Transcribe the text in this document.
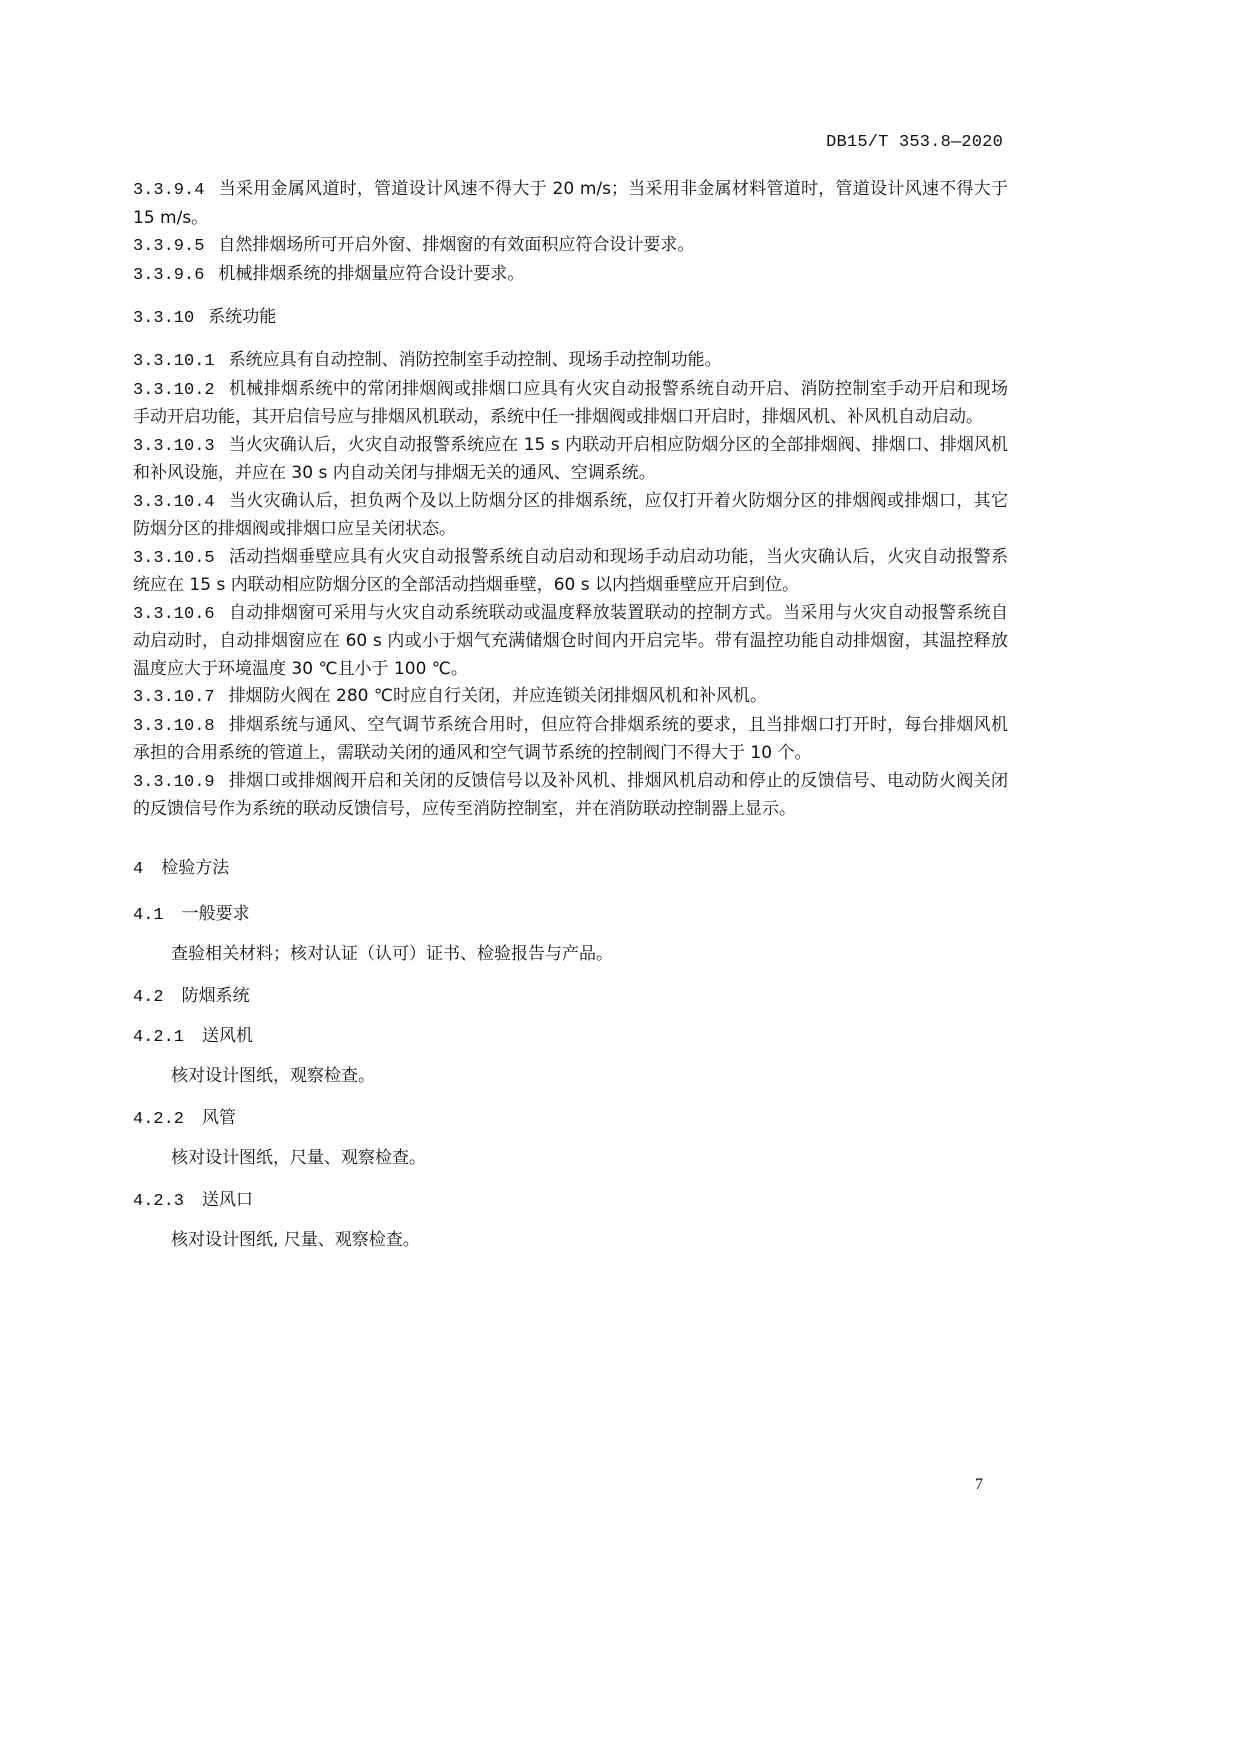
DB15/T 353.8—2020

3.3.9.4 当采用金属风道时，管道设计风速不得大于 20 m/s；当采用非金属材料管道时，管道设计风速不得大于 15 m/s。

3.3.9.5 自然排烟场所可开启外窗、排烟窗的有效面积应符合设计要求。

3.3.9.6 机械排烟系统的排烟量应符合设计要求。

3.3.10 系统功能

3.3.10.1 系统应具有自动控制、消防控制室手动控制、现场手动控制功能。

3.3.10.2 机械排烟系统中的常闭排烟阀或排烟口应具有火灾自动报警系统自动开启、消防控制室手动开启和现场手动开启功能，其开启信号应与排烟风机联动，系统中任一排烟阀或排烟口开启时，排烟风机、补风机自动启动。

3.3.10.3 当火灾确认后，火灾自动报警系统应在 15 s 内联动开启相应防烟分区的全部排烟阀、排烟口、排烟风机和补风设施，并应在 30 s 内自动关闭与排烟无关的通风、空调系统。

3.3.10.4 当火灾确认后，担负两个及以上防烟分区的排烟系统，应仅打开着火防烟分区的排烟阀或排烟口，其它防烟分区的排烟阀或排烟口应呈关闭状态。

3.3.10.5 活动挡烟垂壁应具有火灾自动报警系统自动启动和现场手动启动功能，当火灾确认后，火灾自动报警系统应在 15 s 内联动相应防烟分区的全部活动挡烟垂壁，60 s 以内挡烟垂壁应开启到位。

3.3.10.6 自动排烟窗可采用与火灾自动系统联动或温度释放装置联动的控制方式。当采用与火灾自动报警系统自动启动时，自动排烟窗应在 60 s 内或小于烟气充满储烟仓时间内开启完毕。带有温控功能自动排烟窗，其温控释放温度应大于环境温度 30 ℃且小于 100 ℃。

3.3.10.7 排烟防火阀在 280 ℃时应自行关闭，并应连锁关闭排烟风机和补风机。

3.3.10.8 排烟系统与通风、空气调节系统合用时，但应符合排烟系统的要求，且当排烟口打开时，每台排烟风机承担的合用系统的管道上，需联动关闭的通风和空气调节系统的控制阀门不得大于 10 个。

3.3.10.9 排烟口或排烟阀开启和关闭的反馈信号以及补风机、排烟风机启动和停止的反馈信号、电动防火阀关闭的反馈信号作为系统的联动反馈信号，应传至消防控制室，并在消防联动控制器上显示。

4 检验方法
4.1 一般要求
查验相关材料；核对认证（认可）证书、检验报告与产品。
4.2 防烟系统
4.2.1 送风机
核对设计图纸，观察检查。
4.2.2 风管
核对设计图纸，尺量、观察检查。
4.2.3 送风口
核对设计图纸, 尺量、观察检查。
7
